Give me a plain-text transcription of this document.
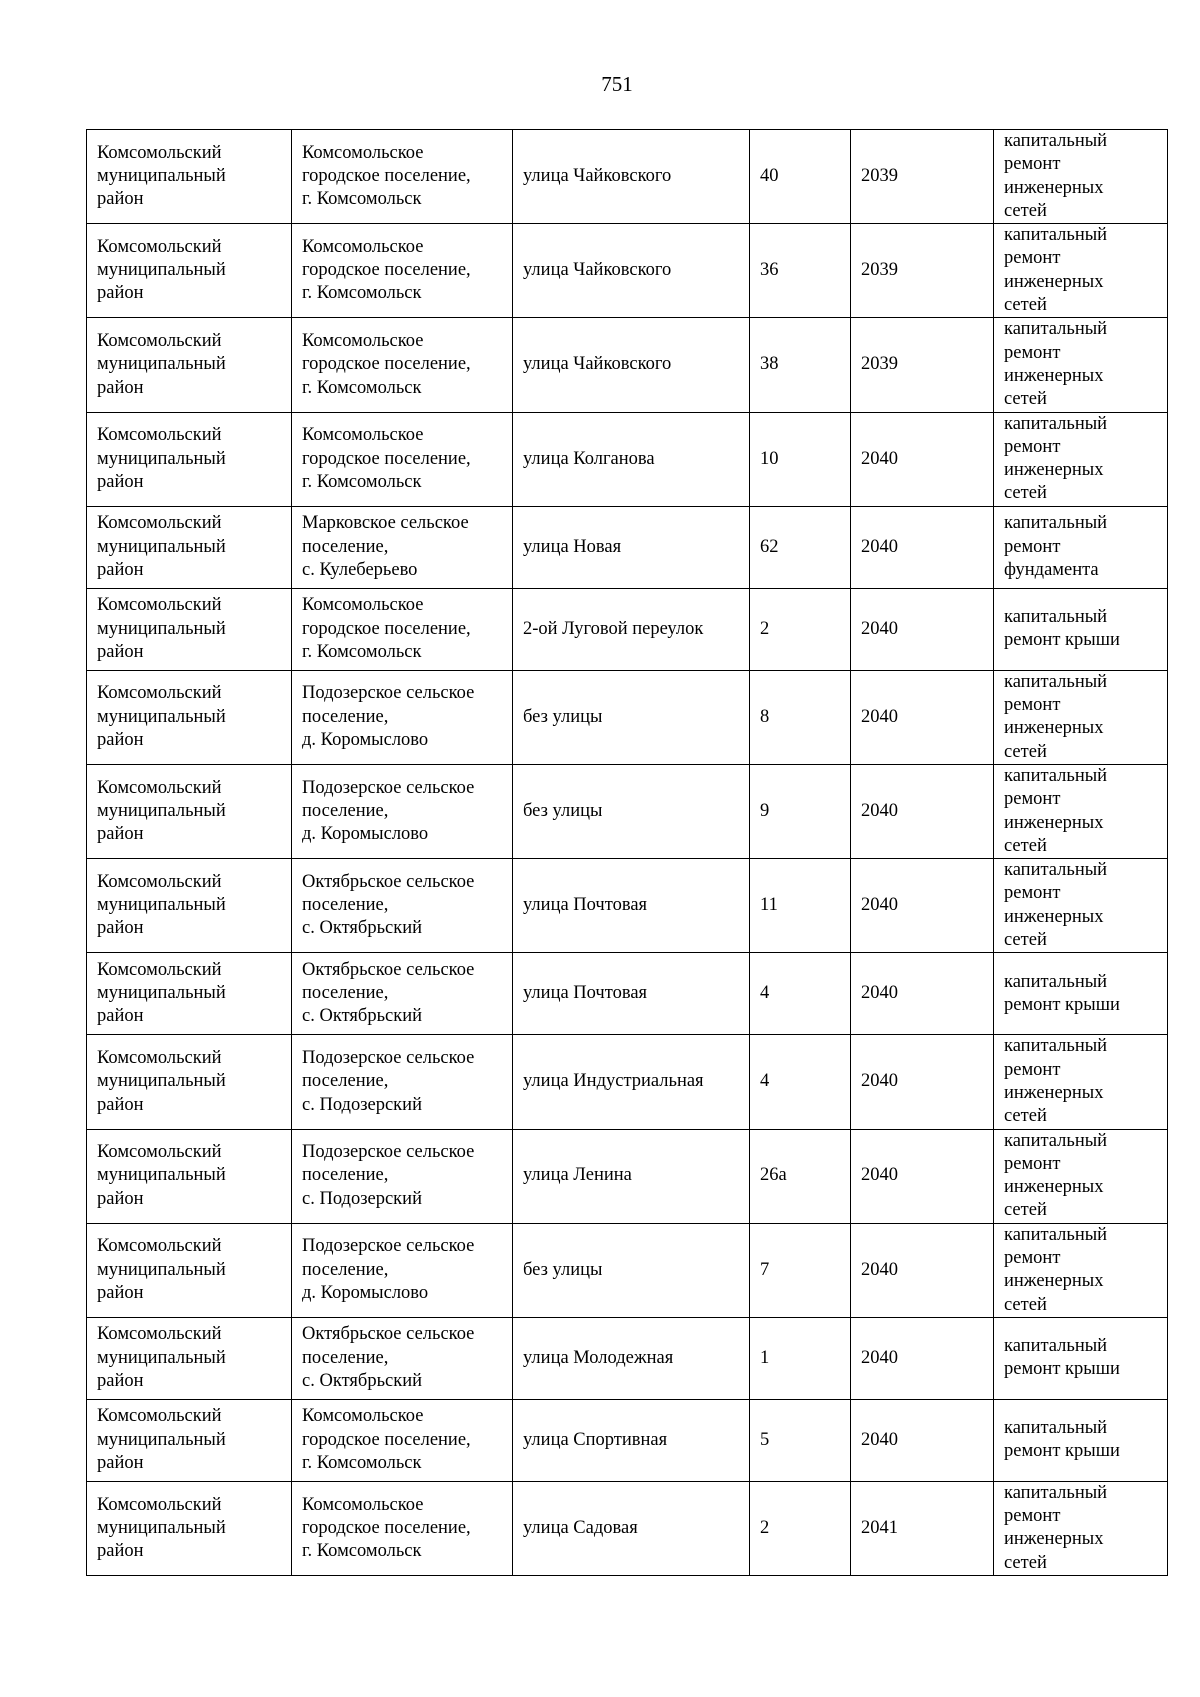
751
Комсомольский
муниципальный
район	Комсомольское
городское поселение,
г. Комсомольск	улица Чайковского	40	2039	капитальный
ремонт
инженерных
сетей

Комсомольский
муниципальный
район	Комсомольское
городское поселение,
г. Комсомольск	улица Чайковского	36	2039	капитальный
ремонт
инженерных
сетей

Комсомольский
муниципальный
район	Комсомольское
городское поселение,
г. Комсомольск	улица Чайковского	38	2039	капитальный
ремонт
инженерных
сетей

Комсомольский
муниципальный
район	Комсомольское
городское поселение,
г. Комсомольск	улица Колганова	10	2040	капитальный
ремонт
инженерных
сетей

Комсомольский
муниципальный
район	Марковское сельское
поселение,
с. Кулеберьево	улица Новая	62	2040	капитальный
ремонт
фундамента

Комсомольский
муниципальный
район	Комсомольское
городское поселение,
г. Комсомольск	2-ой Луговой переулок	2	2040	капитальный
ремонт крыши

Комсомольский
муниципальный
район	Подозерское сельское
поселение,
д. Коромыслово	без улицы	8	2040	капитальный
ремонт
инженерных
сетей

Комсомольский
муниципальный
район	Подозерское сельское
поселение,
д. Коромыслово	без улицы	9	2040	капитальный
ремонт
инженерных
сетей

Комсомольский
муниципальный
район	Октябрьское сельское
поселение,
с. Октябрьский	улица Почтовая	11	2040	капитальный
ремонт
инженерных
сетей

Комсомольский
муниципальный
район	Октябрьское сельское
поселение,
с. Октябрьский	улица Почтовая	4	2040	капитальный
ремонт крыши

Комсомольский
муниципальный
район	Подозерское сельское
поселение,
с. Подозерский	улица Индустриальная	4	2040	капитальный
ремонт
инженерных
сетей

Комсомольский
муниципальный
район	Подозерское сельское
поселение,
с. Подозерский	улица Ленина	26а	2040	капитальный
ремонт
инженерных
сетей

Комсомольский
муниципальный
район	Подозерское сельское
поселение,
д. Коромыслово	без улицы	7	2040	капитальный
ремонт
инженерных
сетей

Комсомольский
муниципальный
район	Октябрьское сельское
поселение,
с. Октябрьский	улица Молодежная	1	2040	капитальный
ремонт крыши

Комсомольский
муниципальный
район	Комсомольское
городское поселение,
г. Комсомольск	улица Спортивная	5	2040	капитальный
ремонт крыши

Комсомольский
муниципальный
район	Комсомольское
городское поселение,
г. Комсомольск	улица Садовая	2	2041	капитальный
ремонт
инженерных
сетей
